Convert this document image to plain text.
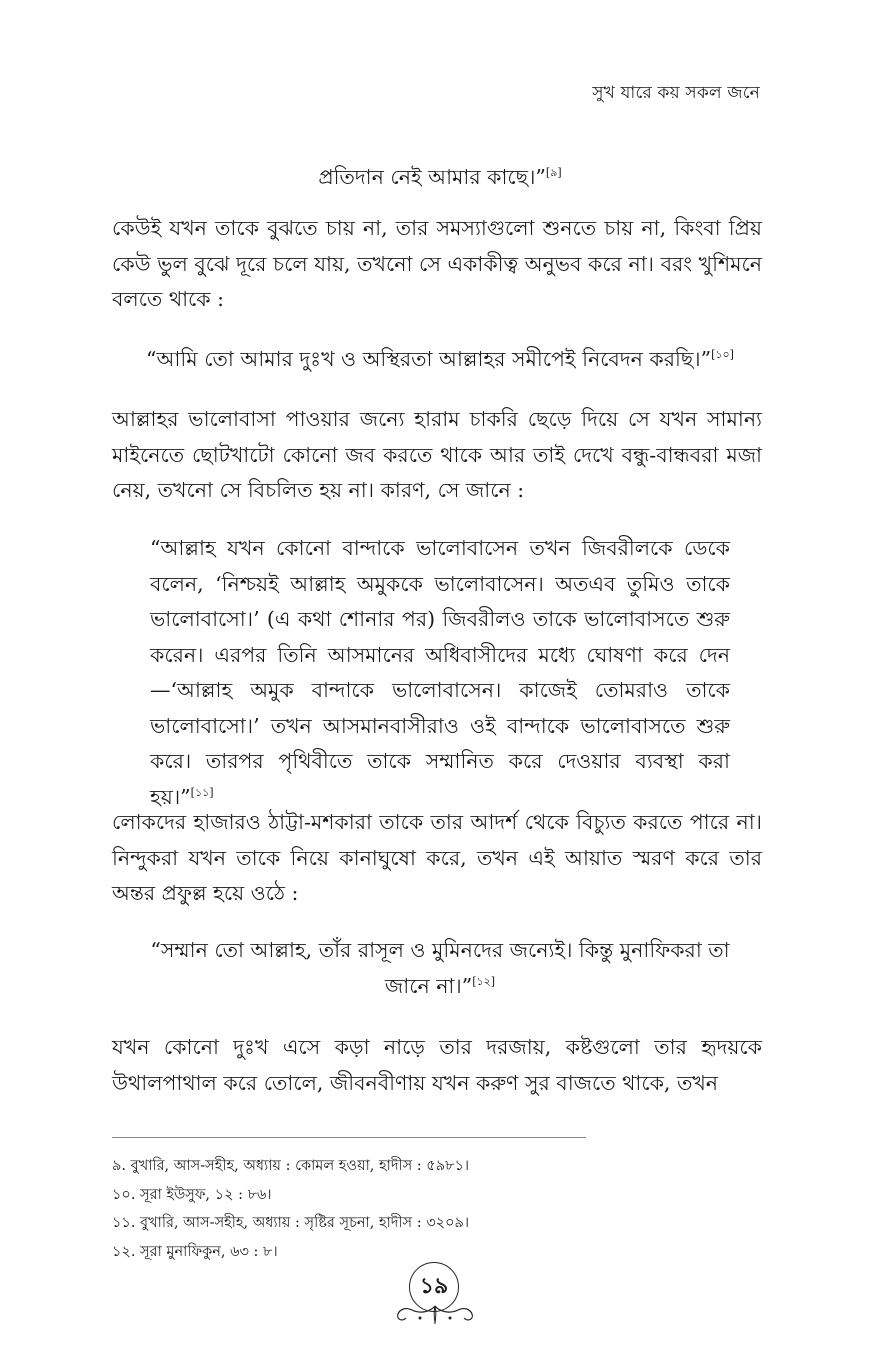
সুখ যারে কয় সকল জনে

প্রতিদান নেই আমার কাছে।”[৯]

কেউই যখন তাকে বুঝতে চায় না, তার সমস্যাগুলো শুনতে চায় না, কিংবা প্রিয় কেউ ভুল বুঝে দূরে চলে যায়, তখনো সে একাকীত্ব অনুভব করে না। বরং খুশিমনে বলতে থাকে :

“আমি তো আমার দুঃখ ও অস্থিরতা আল্লাহর সমীপেই নিবেদন করছি।”[১০]

আল্লাহর ভালোবাসা পাওয়ার জন্যে হারাম চাকরি ছেড়ে দিয়ে সে যখন সামান্য মাইনেতে ছোটখাটো কোনো জব করতে থাকে আর তাই দেখে বন্ধু-বান্ধবরা মজা নেয়, তখনো সে বিচলিত হয় না। কারণ, সে জানে :

“আল্লাহ যখন কোনো বান্দাকে ভালোবাসেন তখন জিবরীলকে ডেকে বলেন, ‘নিশ্চয়ই আল্লাহ অমুককে ভালোবাসেন। অতএব তুমিও তাকে ভালোবাসো।’ (এ কথা শোনার পর) জিবরীলও তাকে ভালোবাসতে শুরু করেন। এরপর তিনি আসমানের অধিবাসীদের মধ্যে ঘোষণা করে দেন—‘আল্লাহ অমুক বান্দাকে ভালোবাসেন। কাজেই তোমরাও তাকে ভালোবাসো।’ তখন আসমানবাসীরাও ওই বান্দাকে ভালোবাসতে শুরু করে। তারপর পৃথিবীতে তাকে সম্মানিত করে দেওয়ার ব্যবস্থা করা হয়।”[১১]

লোকদের হাজারও ঠাট্টা-মশকারা তাকে তার আদর্শ থেকে বিচ্যুত করতে পারে না। নিন্দুকরা যখন তাকে নিয়ে কানাঘুষো করে, তখন এই আয়াত স্মরণ করে তার অন্তর প্রফুল্ল হয়ে ওঠে :

“সম্মান তো আল্লাহ, তাঁর রাসূল ও মুমিনদের জন্যেই। কিন্তু মুনাফিকরা তা জানে না।”[১২]

যখন কোনো দুঃখ এসে কড়া নাড়ে তার দরজায়, কষ্টগুলো তার হৃদয়কে উথালপাথাল করে তোলে, জীবনবীণায় যখন করুণ সুর বাজতে থাকে, তখন

৯. বুখারি, আস-সহীহ, অধ্যায় : কোমল হওয়া, হাদীস : ৫৯৮১।
১০. সূরা ইউসুফ, ১২ : ৮৬।
১১. বুখারি, আস-সহীহ, অধ্যায় : সৃষ্টির সূচনা, হাদীস : ৩২০৯।
১২. সূরা মুনাফিকুন, ৬৩ : ৮।
১৯
